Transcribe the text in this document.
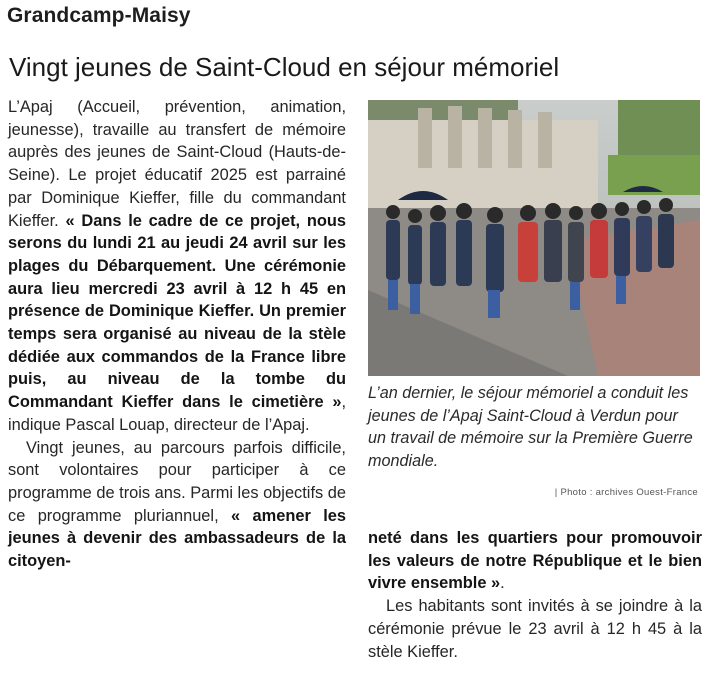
Grandcamp-Maisy
Vingt jeunes de Saint-Cloud en séjour mémoriel

L’Apaj (Accueil, prévention, animation, jeunesse), travaille au transfert de mémoire auprès des jeunes de Saint-Cloud (Hauts-de-Seine). Le projet éducatif 2025 est parrainé par Dominique Kieffer, fille du commandant Kieffer. « Dans le cadre de ce projet, nous serons du lundi 21 au jeudi 24 avril sur les plages du Débarquement. Une cérémonie aura lieu mercredi 23 avril à 12 h 45 en présence de Dominique Kieffer. Un premier temps sera organisé au niveau de la stèle dédiée aux commandos de la France libre puis, au niveau de la tombe du Commandant Kieffer dans le cimetière », indique Pascal Louap, directeur de l’Apaj.

Vingt jeunes, au parcours parfois difficile, sont volontaires pour participer à ce programme de trois ans. Parmi les objectifs de ce programme pluriannuel, « amener les jeunes à devenir des ambassadeurs de la citoyen-

L’an dernier, le séjour mémoriel a conduit les jeunes de l’Apaj Saint-Cloud à Verdun pour un travail de mémoire sur la Première Guerre mondiale.

| Photo : archives Ouest-France

neté dans les quartiers pour promouvoir les valeurs de notre République et le bien vivre ensemble ».

Les habitants sont invités à se joindre à la cérémonie prévue le 23 avril à 12 h 45 à la stèle Kieffer.
